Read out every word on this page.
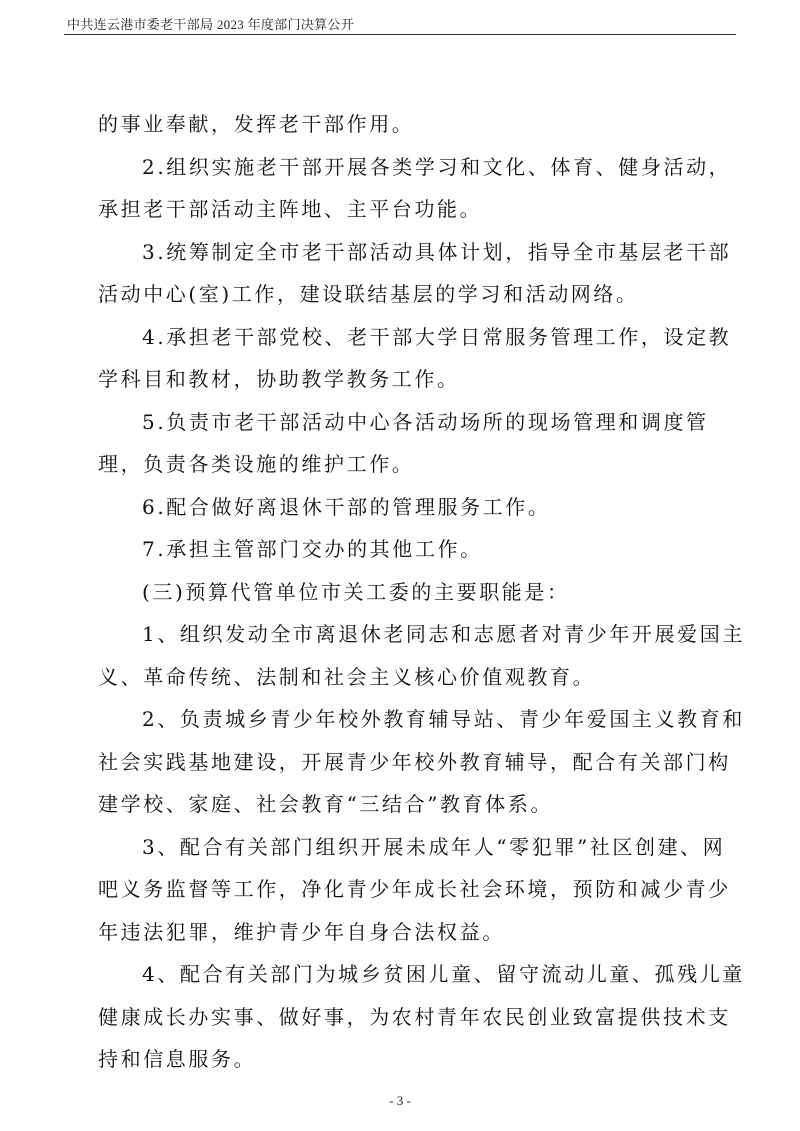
中共连云港市委老干部局 2023 年度部门决算公开
的事业奉献，发挥老干部作用。
2.组织实施老干部开展各类学习和文化、体育、健身活动，
承担老干部活动主阵地、主平台功能。
3.统筹制定全市老干部活动具体计划，指导全市基层老干部
活动中心(室)工作，建设联结基层的学习和活动网络。
4.承担老干部党校、老干部大学日常服务管理工作，设定教
学科目和教材，协助教学教务工作。
5.负责市老干部活动中心各活动场所的现场管理和调度管
理，负责各类设施的维护工作。
6.配合做好离退休干部的管理服务工作。
7.承担主管部门交办的其他工作。
(三)预算代管单位市关工委的主要职能是：
1、组织发动全市离退休老同志和志愿者对青少年开展爱国主
义、革命传统、法制和社会主义核心价值观教育。
2、负责城乡青少年校外教育辅导站、青少年爱国主义教育和
社会实践基地建设，开展青少年校外教育辅导，配合有关部门构
建学校、家庭、社会教育“三结合”教育体系。
3、配合有关部门组织开展未成年人“零犯罪”社区创建、网
吧义务监督等工作，净化青少年成长社会环境，预防和减少青少
年违法犯罪，维护青少年自身合法权益。
4、配合有关部门为城乡贫困儿童、留守流动儿童、孤残儿童
健康成长办实事、做好事，为农村青年农民创业致富提供技术支
持和信息服务。
- 3 -
